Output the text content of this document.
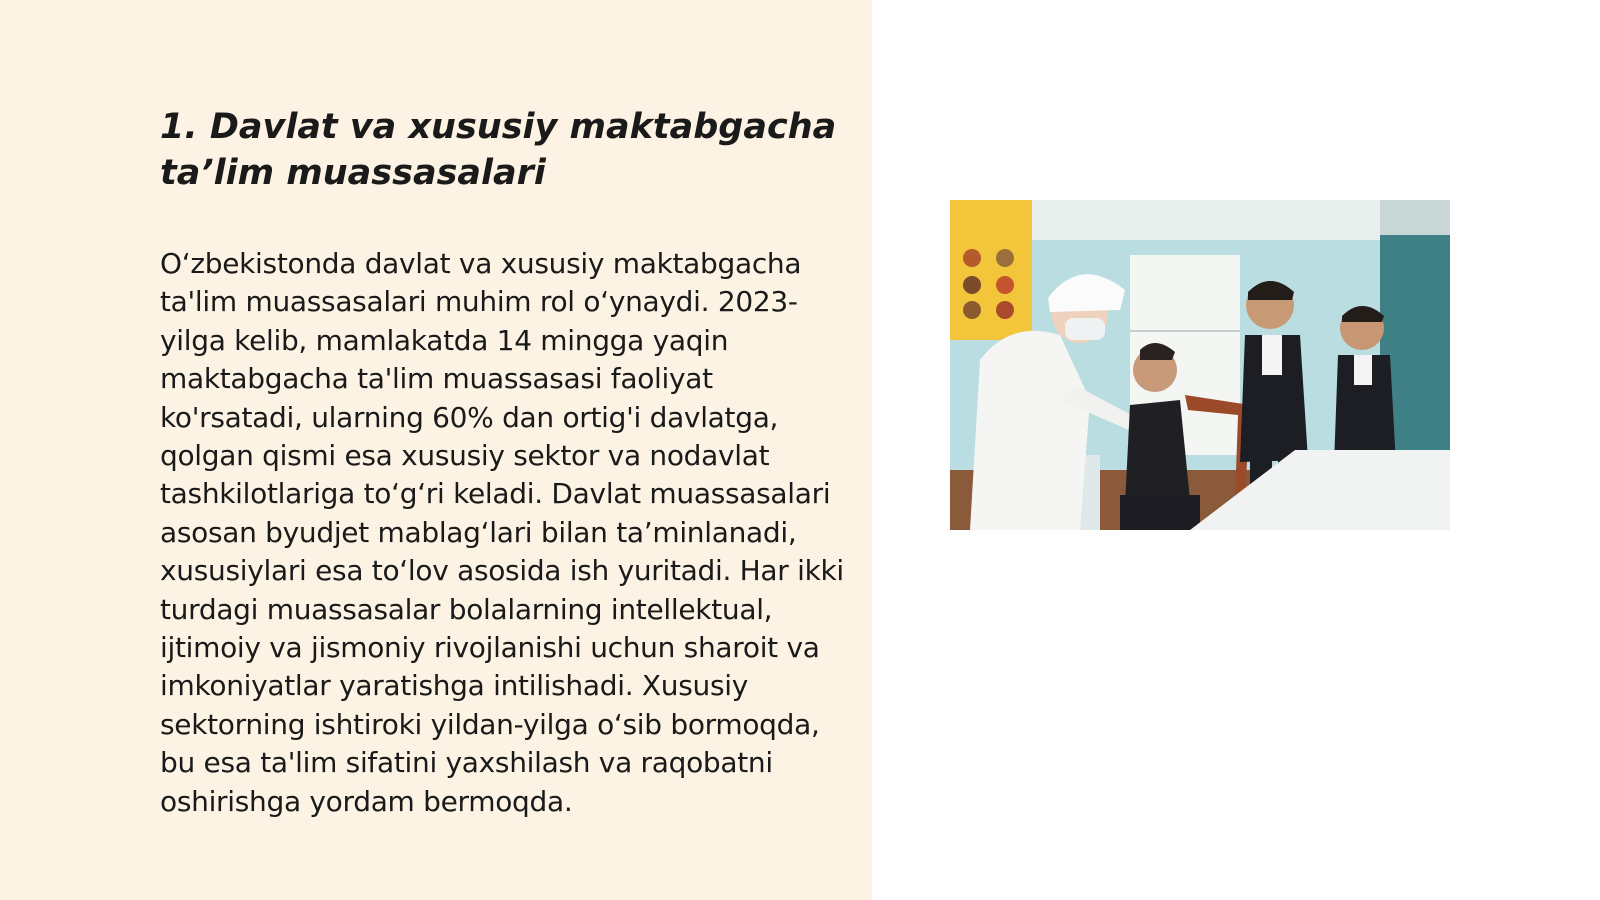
1. Davlat va xususiy maktabgacha ta’lim muassasalari

O‘zbekistonda davlat va xususiy maktabgacha ta'lim muassasalari muhim rol o‘ynaydi. 2023-yilga kelib, mamlakatda 14 mingga yaqin maktabgacha ta'lim muassasasi faoliyat ko'rsatadi, ularning 60% dan ortig'i davlatga, qolgan qismi esa xususiy sektor va nodavlat tashkilotlariga to‘g‘ri keladi. Davlat muassasalari asosan byudjet mablag‘lari bilan ta’minlanadi, xususiylari esa to‘lov asosida ish yuritadi. Har ikki turdagi muassasalar bolalarning intellektual, ijtimoiy va jismoniy rivojlanishi uchun sharoit va imkoniyatlar yaratishga intilishadi. Xususiy sektorning ishtiroki yildan-yilga o‘sib bormoqda, bu esa ta'lim sifatini yaxshilash va raqobatni oshirishga yordam bermoqda.
